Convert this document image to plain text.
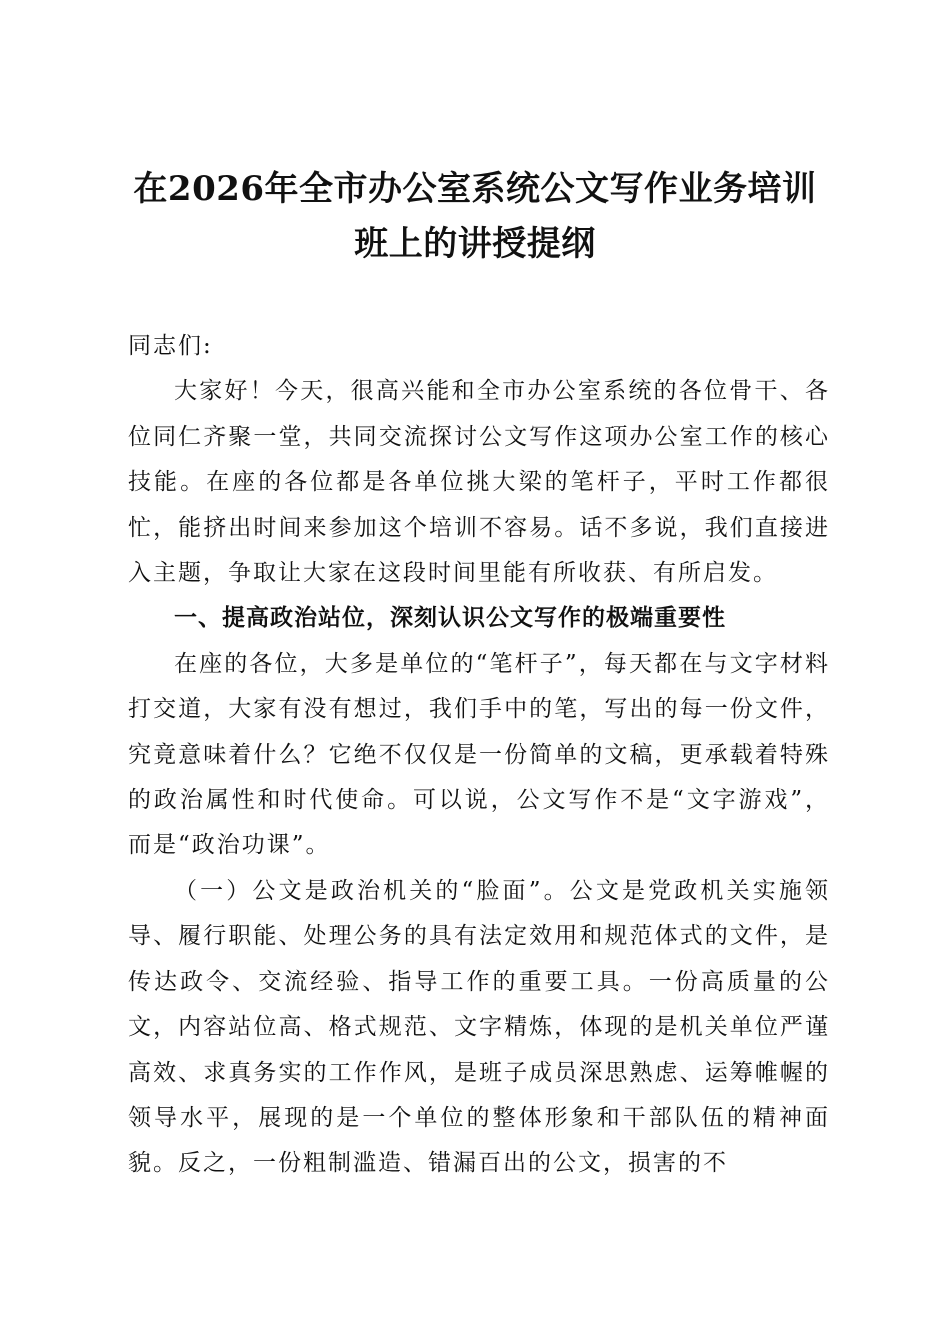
在2026年全市办公室系统公文写作业务培训
班上的讲授提纲

同志们:

大家好！今天，很高兴能和全市办公室系统的各位骨干、各位同仁齐聚一堂，共同交流探讨公文写作这项办公室工作的核心技能。在座的各位都是各单位挑大梁的笔杆子，平时工作都很忙，能挤出时间来参加这个培训不容易。话不多说，我们直接进入主题，争取让大家在这段时间里能有所收获、有所启发。

一、提高政治站位，深刻认识公文写作的极端重要性

在座的各位，大多是单位的“笔杆子”，每天都在与文字材料打交道，大家有没有想过，我们手中的笔，写出的每一份文件，究竟意味着什么？它绝不仅仅是一份简单的文稿，更承载着特殊的政治属性和时代使命。可以说，公文写作不是“文字游戏”，而是“政治功课”。

（一）公文是政治机关的“脸面”。公文是党政机关实施领导、履行职能、处理公务的具有法定效用和规范体式的文件，是传达政令、交流经验、指导工作的重要工具。一份高质量的公文，内容站位高、格式规范、文字精炼，体现的是机关单位严谨高效、求真务实的工作作风，是班子成员深思熟虑、运筹帷幄的领导水平，展现的是一个单位的整体形象和干部队伍的精神面貌。反之，一份粗制滥造、错漏百出的公文，损害的不
